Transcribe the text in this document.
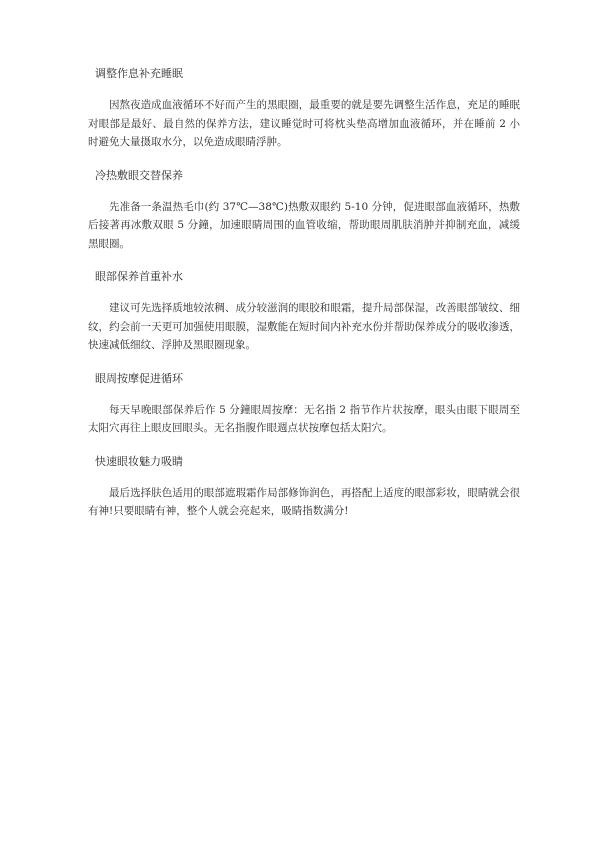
调整作息补充睡眠

因熬夜造成血液循环不好而产生的黑眼圈，最重要的就是要先调整生活作息，充足的睡眠对眼部是最好、最自然的保养方法，建议睡觉时可将枕头垫高增加血液循环，并在睡前 2 小时避免大量摄取水分，以免造成眼睛浮肿。

冷热敷眼交替保养

先准备一条温热毛巾(约 37℃—38℃)热敷双眼约 5-10 分钟，促进眼部血液循环，热敷后接著再冰敷双眼 5 分鐘，加速眼睛周围的血管收缩，帮助眼周肌肤消肿并抑制充血，减缓黑眼圈。

眼部保养首重补水

建议可先选择质地较浓稠、成分较滋润的眼胶和眼霜，提升局部保湿，改善眼部皱纹、细纹，约会前一天更可加强使用眼膜，湿敷能在短时间内补充水份并帮助保养成分的吸收渗透，快速减低细纹、浮肿及黑眼圈现象。

眼周按摩促进循环

每天早晚眼部保养后作 5 分鐘眼周按摩：无名指 2 指节作片状按摩，眼头由眼下眼周至太阳穴再往上眼皮回眼头。无名指腹作眼週点状按摩包括太阳穴。

快速眼妆魅力吸睛

最后选择肤色适用的眼部遮瑕霜作局部修饰润色，再搭配上适度的眼部彩妆，眼睛就会很有神!只要眼睛有神，整个人就会亮起来，吸睛指数满分!
